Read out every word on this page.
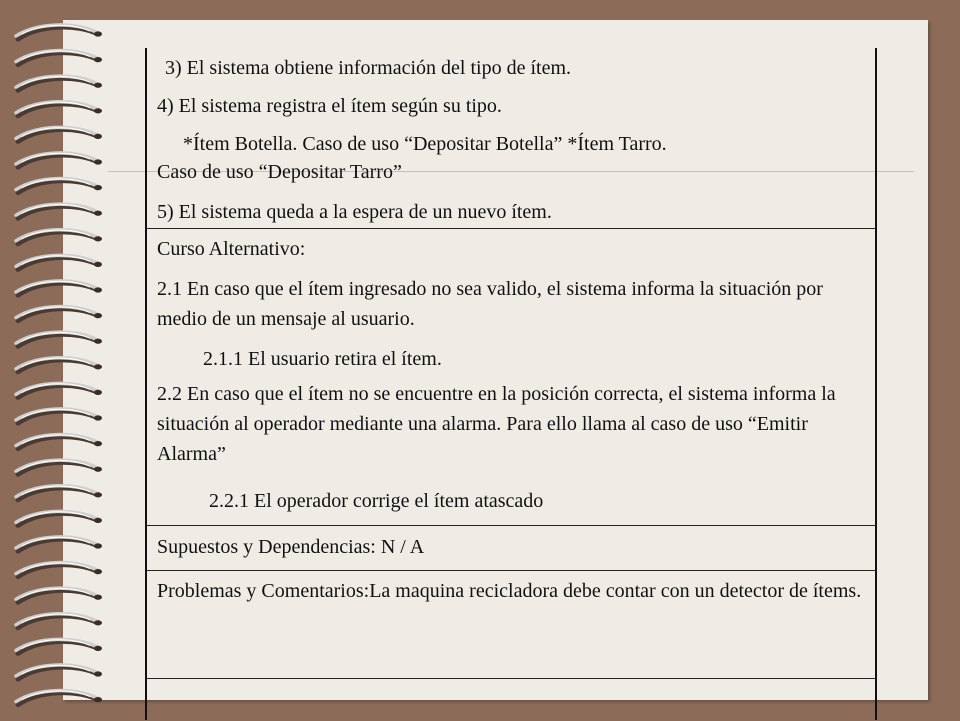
3) El sistema obtiene información del tipo de ítem.
4) El sistema registra el ítem según su tipo.
*Ítem Botella. Caso de uso “Depositar Botella” *Ítem Tarro.
Caso de uso “Depositar Tarro”
5) El sistema queda a la espera de un nuevo ítem.
Curso Alternativo:
2.1 En caso que el ítem ingresado no sea valido, el sistema informa la situación por medio de un mensaje al usuario.
2.1.1 El usuario retira el ítem.
2.2 En caso que el ítem no se encuentre en la posición correcta, el sistema informa la situación al operador mediante una alarma. Para ello llama al caso de uso “Emitir Alarma”
2.2.1 El operador corrige el ítem atascado
Supuestos y Dependencias: N / A
Problemas y Comentarios:La maquina recicladora debe contar con un detector de ítems.
